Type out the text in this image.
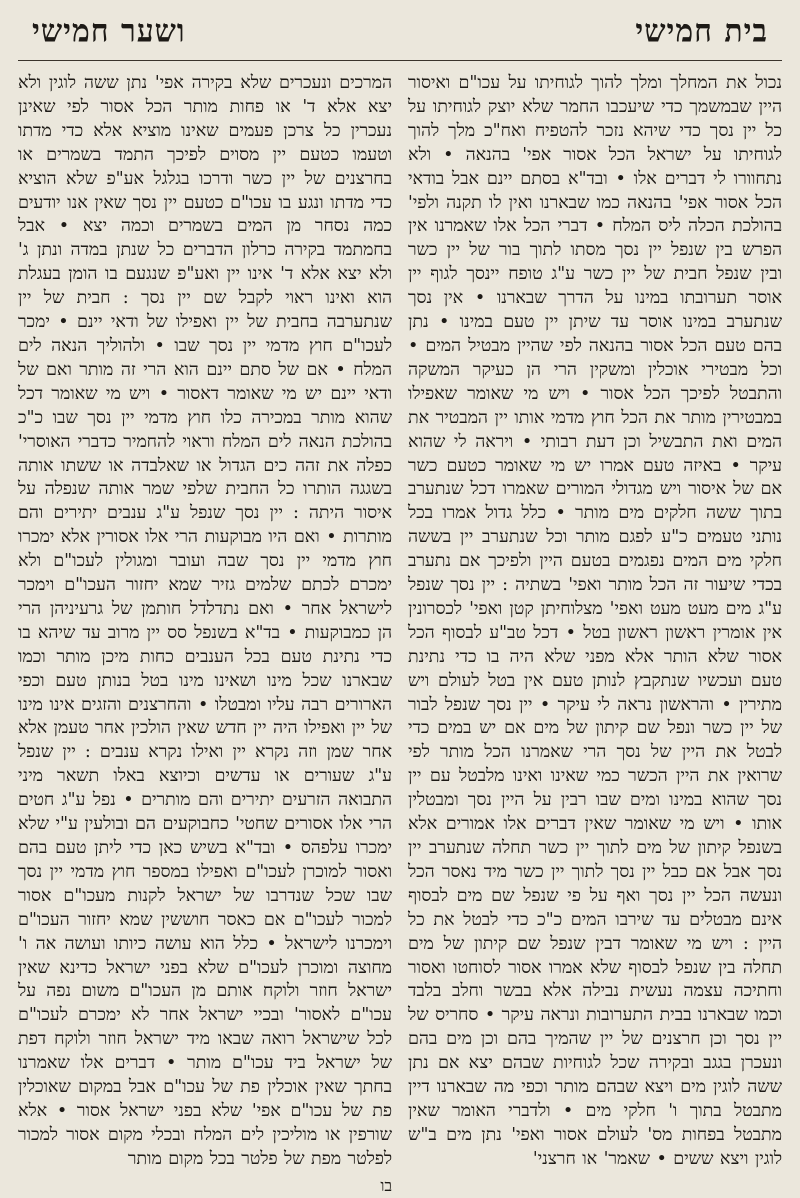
בית חמישי
ושער חמישי

נכול את המחלך ומלך להוך לגוחיתו על עכו"ם ואיסור היין שבמשמך כדי שיעכבו החמר שלא יוצק לגוחיתו על כל יין נסך כדי שיהא נזכר להטפיח ואח"כ מלך להוך לגוחיתו על ישראל הכל אסור אפי' בהנאה • ולא נתחוורו לי דברים אלו • ובד"א בסתם יינם אבל בודאי הכל אסור אפי' בהנאה כמו שבארנו ואין לו תקנה ולפי' בהולכת הכלה ליס המלח • דברי הכל אלו שאמרנו אין הפרש בין שנפל יין נסך מסתו לתוך בור של יין כשר ובין שנפל חבית של יין כשר ע"ג טופח יינסך לגוף יין אוסר תערובתו במינו על הדרך שבארנו • אין נסך שנתערב במינו אוסר עד שיתן יין טעם במינו • נתן בהם טעם הכל אסור בהנאה לפי שהיין מבטיל המים • וכל מבטירי אוכלין ומשקין הרי הן כעיקר המשקה והתבטל לפיכך הכל אסור • ויש מי שאומר שאפילו במבטירין מותר את הכל חוץ מדמי אותו יין המבטיר את המים ואת התבשיל וכן דעת רבותי • ויראה לי שהוא עיקר • באיזה טעם אמרו יש מי שאומר כטעם כשר אם של איסור ויש מגדולי המורים שאמרו דכל שנתערב בתוך ששה חלקים מים מותר • כלל גדול אמרו בכל נותני טעמים כ"ע לפגם מותר וכל שנתערב יין בששה חלקי מים המים נפגמים בטעם היין ולפיכך אם נתערב בכדי שיעור זה הכל מותר ואפי' בשתיה : יין נסך שנפל ע"ג מים מעט מעט ואפי' מצלוחיתן קטן ואפי' לכסרונין אין אומרין ראשון ראשון בטל • דכל טב"ע לבסוף הכל אסור שלא הותר אלא מפני שלא היה בו כדי נתינת טעם ועכשיו שנתקבץ לנותן טעם אין בטל לעולם ויש מתירין • והראשון נראה לי עיקר • יין נסך שנפל לבור של יין כשר ונפל שם קיתון של מים אם יש במים כדי לבטל את היין של נסך הרי שאמרנו הכל מותר לפי שרואין את היין הכשר כמי שאינו ואינו מלבטל עם יין נסך שהוא במינו ומים שבו רבין על היין נסך ומבטלין אותו • ויש מי שאומר שאין דברים אלו אמורים אלא בשנפל קיתון של מים לתוך יין כשר תחלה שנתערב יין נסך אבל אם כבל יין נסך לתוך יין כשר מיד נאסר הכל ונעשה הכל יין נסך ואף על פי שנפל שם מים לבסוף אינם מבטלים עד שירבו המים כ"כ כדי לבטל את כל היין : ויש מי שאומר דבין שנפל שם קיתון של מים תחלה בין שנפל לבסוף שלא אמרו אסור לסוחטו ואסור וחתיכה עצמה נעשית נבילה אלא בבשר וחלב בלבד וכמו שבארנו בבית התערובות ונראה עיקר • סחריס של יין נסך וכן חרצנים של יין שהמיך בהם וכן מים בהם ונעכרן בגגב ובקירה שכל לגוחיות שבהם יצא אם נתן ששה לוגין מים ויצא שבהם מותר וכפי מה שבארנו דיין מתבטל בתוך ו' חלקי מים • ולדברי האומר שאין מתבטל בפחות מס' לעולם אסור ואפי' נתן מים ב"ש לוגין ויצא ששים • שאמר' או חרצני'

המרכים ונעכרים שלא בקירה אפי' נתן ששה לוגין ולא יצא אלא ד' או פחות מותר הכל אסור לפי שאינן נעכרין כל צרכן פעמים שאינו מוציא אלא כדי מדתו וטעמו כטעם יין מסוים לפיכך התמד בשמרים או בחרצנים של יין כשר ודרכו בגלגל אע"פ שלא הוציא כדי מדתו ונגע בו עכו"ם כטעם יין נסך שאין אנו יודעים כמה נסחר מן המים בשמרים וכמה יצא • אבל בחמתמד בקירה כרלון הדברים כל שנתן במדה ונתן ג' ולא יצא אלא ד' אינו יין ואע"פ שנגעם בו הומן בעגלת הוא ואינו ראוי לקבל שם יין נסך : חבית של יין שנתערבה בחבית של יין ואפילו של ודאי יינם • ימכר לעכו"ם חוץ מדמי יין נסך שבו • ולהוליך הנאה לים המלח • אם של סתם יינם הוא הרי זה מותר ואם של ודאי יינם יש מי שאומר דאסור • ויש מי שאומר דכל שהוא מותר במכירה כלו חוץ מדמי יין נסך שבו כ"כ בהולכת הנאה לים המלח וראוי להחמיר כדברי האוסרי' כפלה את זהה כים הגדול או שאלבדה או ששתו אותה בשגגה הותרו כל החבית שלפי שמר אותה שנפלה על איסור היתה : יין נסך שנפל ע"ג ענבים יתירים והם מותרות • ואם היו מבוקעות הרי אלו אסורין אלא ימכרו חוץ מדמי יין נסך שבה ועובר ומגולין לעכו"ם ולא ימכרם לכתם שלמים גזיר שמא יחזור העכו"ם וימכר לישראל אחר • ואם נתדלדל חותמן של גרעיניהן הרי הן כמבוקעות • בד"א בשנפל סס יין מרוב עד שיהא בו כדי נתינת טעם בכל הענבים כחות מיכן מותר וכמו שבארנו שכל מינו ושאינו מינו בטל בנותן טעם וכפי הארורים רבה עליו ומבטלו • והחרצנים והזגים אינו מינו של יין ואפילו היה יין חדש שאין הולכין אחר טעמן אלא אחר שמן וזה נקרא יין ואילו נקרא ענבים : יין שנפל ע"ג שעורים או עדשים וכיוצא באלו תשאר מיני התבואה הזרעים יתירים והם מותרים • נפל ע"ג חטים הרי אלו אסורים שחטי' כחבוקעים הם ובולעין ע"י שלא ימכרו עלפהס • ובד"א בשיש כאן כדי ליתן טעם בהם ואסור למוכרן לעכו"ם ואפילו במספר חוץ מדמי יין נסך שבו שכל שנדרבו של ישראל לקנות מעכו"ם אסור למכור לעכו"ם אם כאסר חוששין שמא יחזור העכו"ם וימכרנו לישראל • כלל הוא עושה כיותו ועושה אה ו' מחוצה ומוכרן לעכו"ם שלא בפני ישראל כדינא שאין ישראל חוזר ולוקח אותם מן העכו"ם משום נפה על עכו"ם לאסור' ובכיי ישראל אחר לא ימכרם לעכו"ם לכל שישראל רואה שבאו מיד ישראל חוזר ולוקח דפת של ישראל ביד עכו"ם מותר • דברים אלו שאמרנו בחתך שאין אוכלין פת של עכו"ם אבל במקום שאוכלין פת של עכו"ם אפי' שלא בפני ישראל אסור • אלא שורפין או מוליכין לים המלח ובכלי מקום אסור למכור לפלטר מפת של פלטר בכל מקום מותר

בו
